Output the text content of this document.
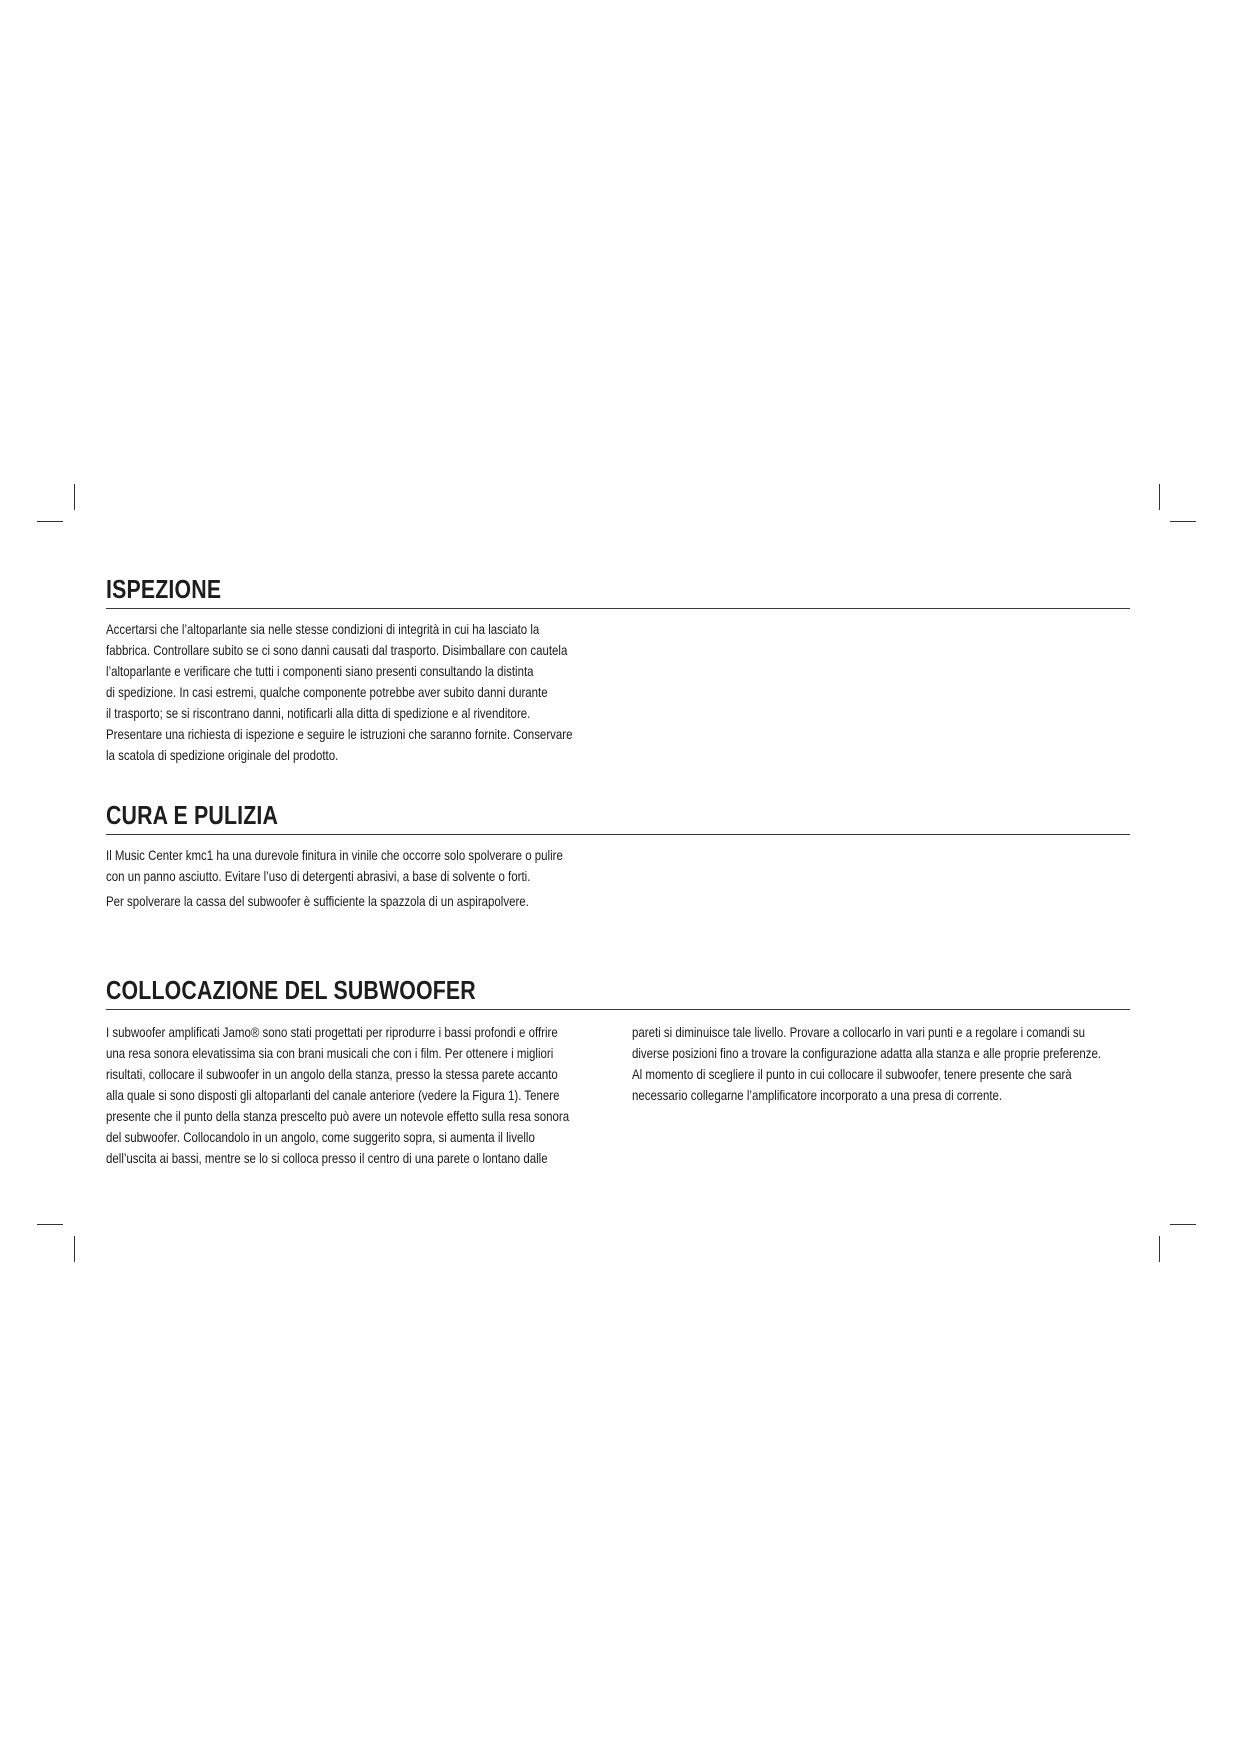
ISPEZIONE
Accertarsi che l’altoparlante sia nelle stesse condizioni di integrità in cui ha lasciato la
fabbrica. Controllare subito se ci sono danni causati dal trasporto. Disimballare con cautela
l’altoparlante e verificare che tutti i componenti siano presenti consultando la distinta
di spedizione. In casi estremi, qualche componente potrebbe aver subito danni durante
il trasporto; se si riscontrano danni, notificarli alla ditta di spedizione e al rivenditore.
Presentare una richiesta di ispezione e seguire le istruzioni che saranno fornite. Conservare
la scatola di spedizione originale del prodotto.
CURA E PULIZIA
Il Music Center kmc1 ha una durevole finitura in vinile che occorre solo spolverare o pulire
con un panno asciutto. Evitare l’uso di detergenti abrasivi, a base di solvente o forti.
Per spolverare la cassa del subwoofer è sufficiente la spazzola di un aspirapolvere.
COLLOCAZIONE DEL SUBWOOFER
I subwoofer amplificati Jamo® sono stati progettati per riprodurre i bassi profondi e offrire
una resa sonora elevatissima sia con brani musicali che con i film. Per ottenere i migliori
risultati, collocare il subwoofer in un angolo della stanza, presso la stessa parete accanto
alla quale si sono disposti gli altoparlanti del canale anteriore (vedere la Figura 1). Tenere
presente che il punto della stanza prescelto può avere un notevole effetto sulla resa sonora
del subwoofer. Collocandolo in un angolo, come suggerito sopra, si aumenta il livello
dell’uscita ai bassi, mentre se lo si colloca presso il centro di una parete o lontano dalle
pareti si diminuisce tale livello. Provare a collocarlo in vari punti e a regolare i comandi su
diverse posizioni fino a trovare la configurazione adatta alla stanza e alle proprie preferenze.
Al momento di scegliere il punto in cui collocare il subwoofer, tenere presente che sarà
necessario collegarne l’amplificatore incorporato a una presa di corrente.
